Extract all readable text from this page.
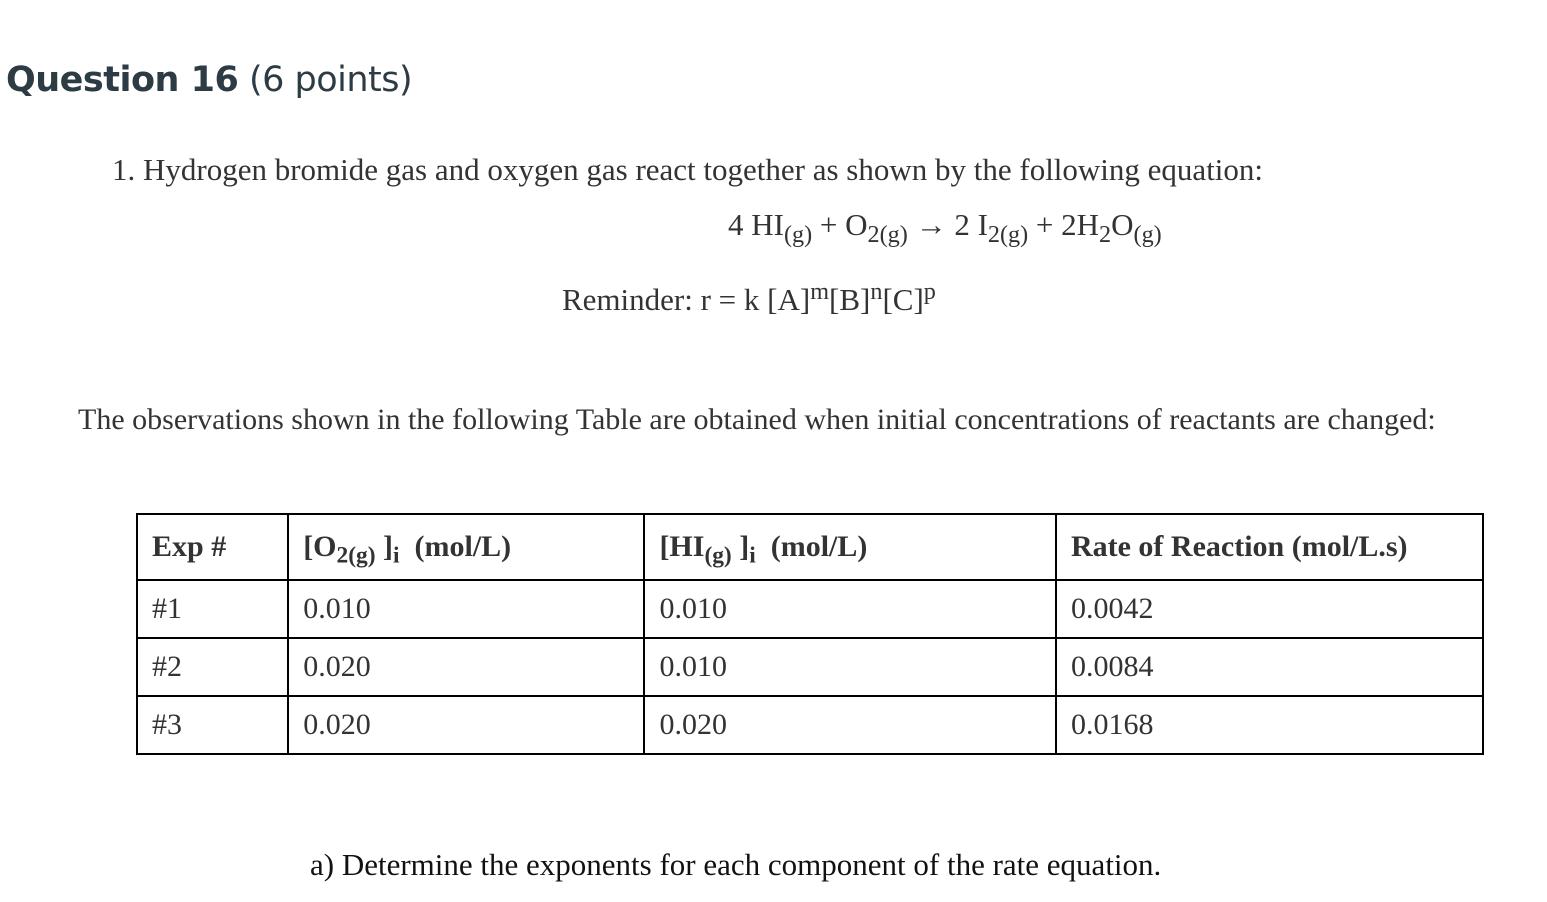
Question 16 (6 points)
1. Hydrogen bromide gas and oxygen gas react together as shown by the following equation:
4 $HI_{(g)} + O_{2(g)} \to 2$ $I_{2(g)} + 2H_2O_{(g)}$
Reminder: r = k $[A]^m[B]^n[C]^p$
The observations shown in the following Table are obtained when initial concentrations of reactants are changed:
Exp #	[$O_{2(g)}$ ]$_i$  (mol/L)	[$HI_{(g)}$ ]$_i$  (mol/L)	Rate of Reaction (mol/L.s)
#1	0.010	0.010	0.0042
#2	0.020	0.010	0.0084
#3	0.020	0.020	0.0168
a) Determine the exponents for each component of the rate equation.
